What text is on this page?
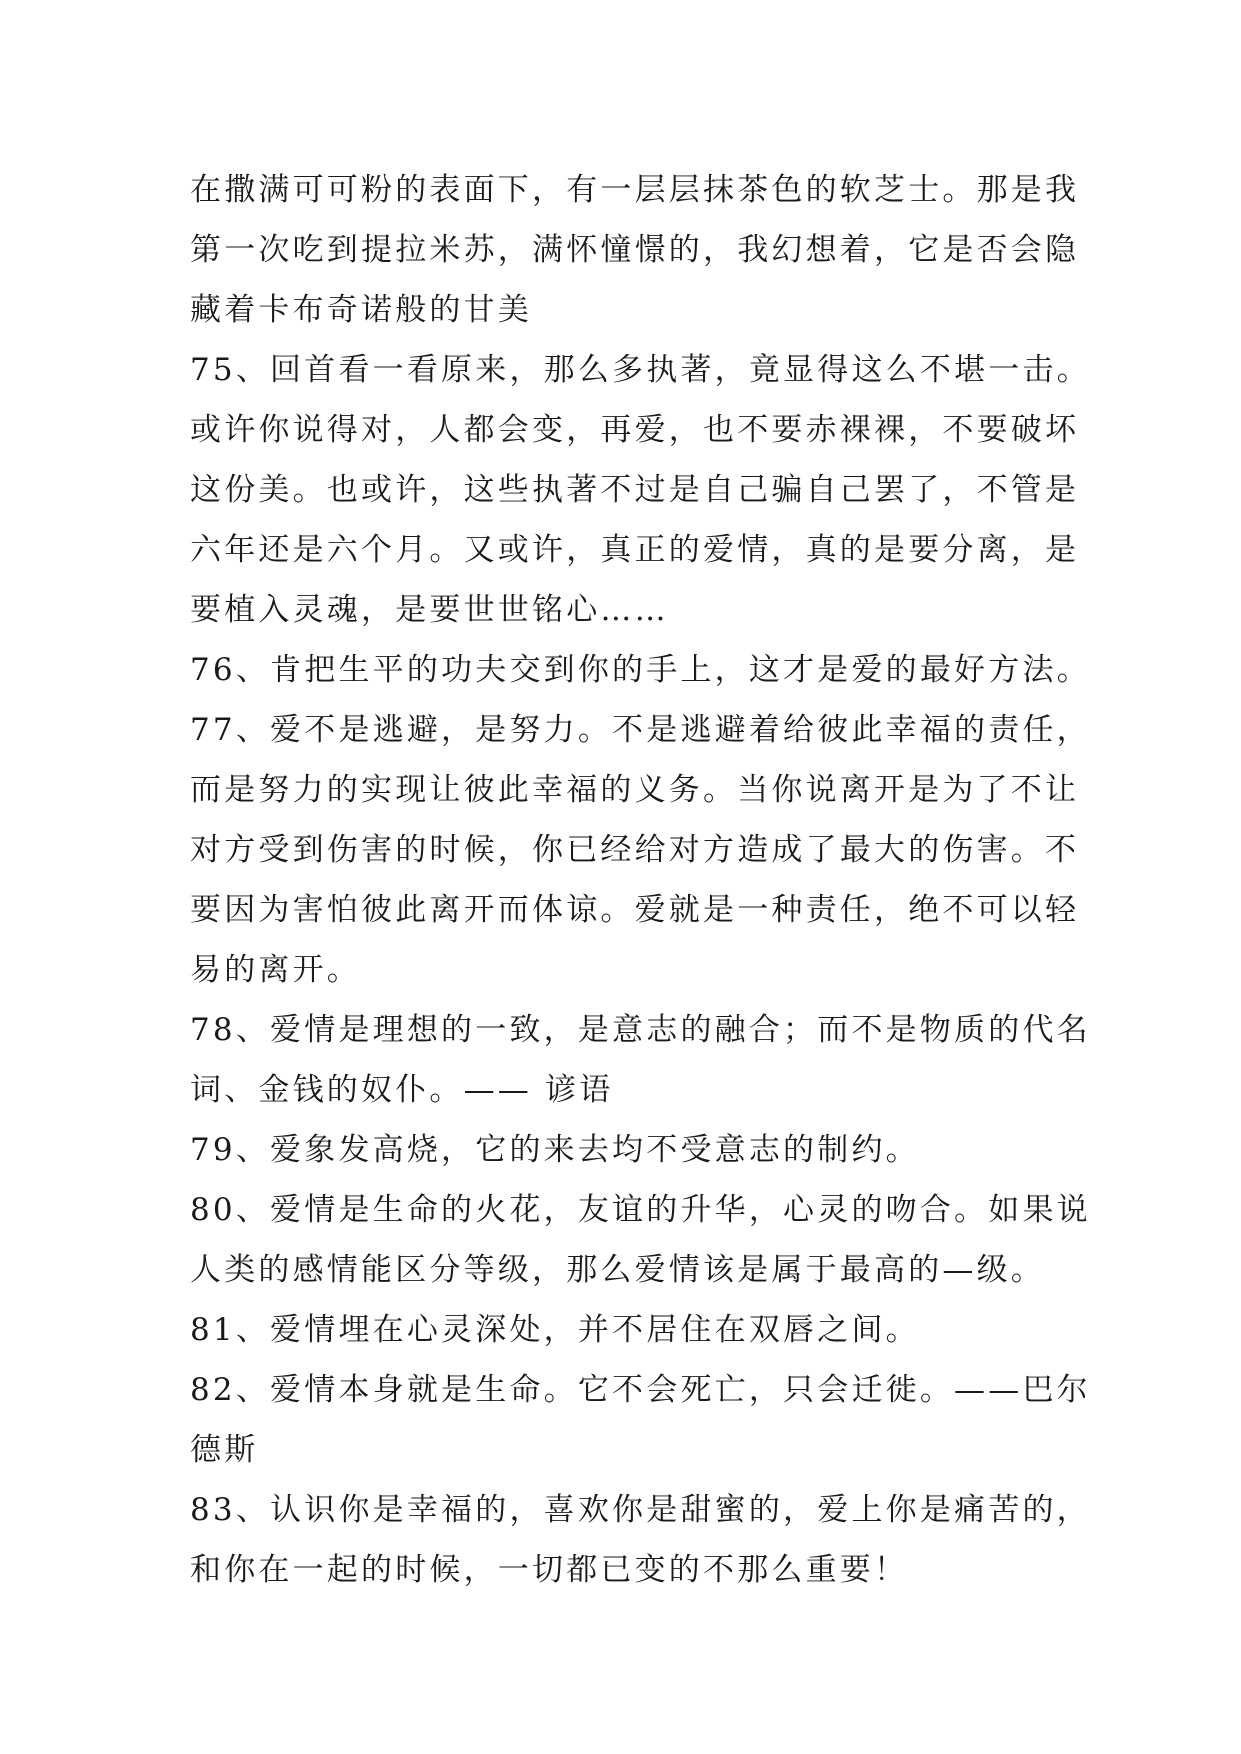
在撒满可可粉的表面下，有一层层抹茶色的软芝士。那是我
第一次吃到提拉米苏，满怀憧憬的，我幻想着，它是否会隐
藏着卡布奇诺般的甘美
75、回首看一看原来，那么多执著，竟显得这么不堪一击。
或许你说得对，人都会变，再爱，也不要赤裸裸，不要破坏
这份美。也或许，这些执著不过是自己骗自己罢了，不管是
六年还是六个月。又或许，真正的爱情，真的是要分离，是
要植入灵魂，是要世世铭心……
76、肯把生平的功夫交到你的手上，这才是爱的最好方法。
77、爱不是逃避，是努力。不是逃避着给彼此幸福的责任，
而是努力的实现让彼此幸福的义务。当你说离开是为了不让
对方受到伤害的时候，你已经给对方造成了最大的伤害。不
要因为害怕彼此离开而体谅。爱就是一种责任，绝不可以轻
易的离开。
78、爱情是理想的一致，是意志的融合；而不是物质的代名
词、金钱的奴仆。—— 谚语
79、爱象发高烧，它的来去均不受意志的制约。
80、爱情是生命的火花，友谊的升华，心灵的吻合。如果说
人类的感情能区分等级，那么爱情该是属于最高的—级。
81、爱情埋在心灵深处，并不居住在双唇之间。
82、爱情本身就是生命。它不会死亡，只会迁徙。——巴尔
德斯
83、认识你是幸福的，喜欢你是甜蜜的，爱上你是痛苦的，
和你在一起的时候，一切都已变的不那么重要！
